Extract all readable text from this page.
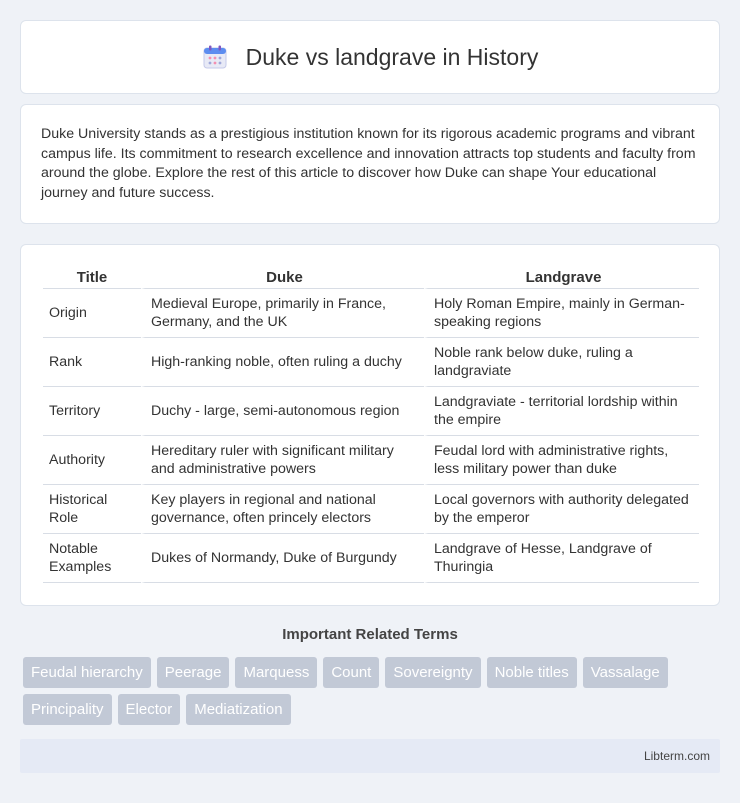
Duke vs landgrave in History

Duke University stands as a prestigious institution known for its rigorous academic programs and vibrant campus life. Its commitment to research excellence and innovation attracts top students and faculty from around the globe. Explore the rest of this article to discover how Duke can shape Your educational journey and future success.

Title	Duke	Landgrave
Origin	Medieval Europe, primarily in France, Germany, and the UK	Holy Roman Empire, mainly in German-speaking regions
Rank	High-ranking noble, often ruling a duchy	Noble rank below duke, ruling a landgraviate
Territory	Duchy - large, semi-autonomous region	Landgraviate - territorial lordship within the empire
Authority	Hereditary ruler with significant military and administrative powers	Feudal lord with administrative rights, less military power than duke
Historical Role	Key players in regional and national governance, often princely electors	Local governors with authority delegated by the emperor
Notable Examples	Dukes of Normandy, Duke of Burgundy	Landgrave of Hesse, Landgrave of Thuringia
Important Related Terms
Feudal hierarchy	Peerage	Marquess	Count	Sovereignty	Noble titles	Vassalage
Principality	Elector	Mediatization
Libterm.com
